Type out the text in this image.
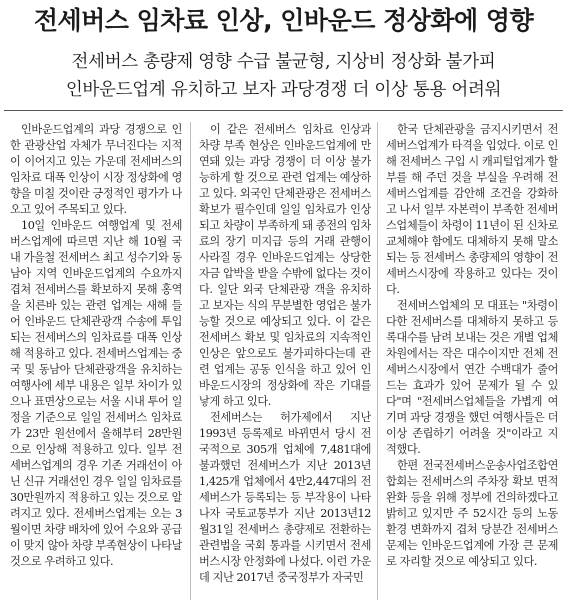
전세버스 임차료 인상, 인바운드 정상화에 영향
전세버스 총량제 영향 수급 불균형, 지상비 정상화 불가피
인바운드업계 유치하고 보자 과당경쟁 더 이상 통용 어려워

인바운드업계의 과당 경쟁으로 인한 관광산업 자체가 무너진다는 지적이 이어지고 있는 가운데 전세버스의 임차료 대폭 인상이 시장 정상화에 영향을 미칠 것이란 긍정적인 평가가 나오고 있어 주목되고 있다.

10일 인바운드 여행업계 및 전세버스업계에 따르면 지난 해 10월 국내 가을철 전세버스 최고 성수기와 동남아 지역 인바운드업계의 수요까지 겹쳐 전세버스를 확보하지 못해 홍역을 치른바 있는 관련 업계는 새해 들어 인바운드 단체관광객 수송에 투입되는 전세버스의 임차료를 대폭 인상해 적용하고 있다. 전세버스업계는 중국 및 동남아 단체관광객을 유치하는 여행사에 세부 내용은 일부 차이가 있으나 표면상으로는 서울 시내 투어 일정을 기준으로 일일 전세버스 임차료가 23만 원선에서 올해부터 28만원으로 인상해 적용하고 있다. 일부 전세버스업계의 경우 기존 거래선이 아닌 신규 거래선인 경우 일일 임차료를 30만원까지 적용하고 있는 것으로 알려지고 있다. 전세버스업계는 오는 3월이면 차량 배차에 있어 수요와 공급이 맞지 않아 차량 부족현상이 나타날 것으로 우려하고 있다.

이 같은 전세버스 임차료 인상과 차량 부족 현상은 인바운드업계에 만연돼 있는 과당 경쟁이 더 이상 불가능하게 할 것으로 관련 업계는 예상하고 있다. 외국인 단체관광은 전세버스 확보가 필수인데 일일 임차료가 인상되고 차량이 부족하게 돼 종전의 임차료의 장기 미지급 등의 거래 관행이 사라질 경우 인바운드업계는 상당한 자금 압박을 받을 수밖에 없다는 것이다. 일단 외국 단체관광 객을 유치하고 보자는 식의 무분별한 영업은 불가능할 것으로 예상되고 있다. 이 같은 전세버스 확보 및 임차료의 지속적인 인상은 앞으로도 불가피하다는데 관련 업계는 공동 인식을 하고 있어 인바운드시장의 정상화에 작은 기대를 낳게 하고 있다.

전세버스는 허가제에서 지난 1993년 등록제로 바뀌면서 당시 전국적으로 305개 업체에 7,481대에 불과했던 전세버스가 지난 2013년 1,425개 업체에서 4만2,447대의 전세버스가 등록되는 등 부작용이 나타나자 국토교통부가 지난 2013년12월31일 전세버스 총량제로 전환하는 관련법을 국회 통과를 시키면서 전세버스시장 안정화에 나섰다. 이런 가운데 지난 2017년 중국정부가 자국민

한국 단체관광을 금지시키면서 전세버스업계가 타격을 입었다. 이로 인해 전세버스 구입 시 캐피털업계가 할부를 해 주던 것을 부실을 우려해 전세버스업계를 감안해 조건을 강화하고 나서 일부 자본력이 부족한 전세버스업체들이 차령이 11년이 된 신차로 교체해야 함에도 대체하지 못해 말소되는 등 전세버스 총량제의 영향이 전세버스시장에 작용하고 있다는 것이다.

전세버스업체의 모 대표는 "차령이 다한 전세버스를 대체하지 못하고 등록대수를 남려 보내는 것은 개별 업체 차원에서는 작은 대수이지만 전체 전세버스시장에서 연간 수백대가 줄어드는 효과가 있어 문제가 될 수 있다"며 "전세버스업체들을 가볍게 여기며 과당 경쟁을 했던 여행사들은 더 이상 존립하기 어려울 것"이라고 지적했다.

한편 전국전세버스운송사업조합연합회는 전세버스의 주차장 확보 면적 완화 등을 위해 정부에 건의하겠다고 밝히고 있지만 주 52시간 등의 노동 환경 변화까지 겹쳐 당분간 전세버스 문제는 인바운드업계에 가장 큰 문제로 자리할 것으로 예상되고 있다.
